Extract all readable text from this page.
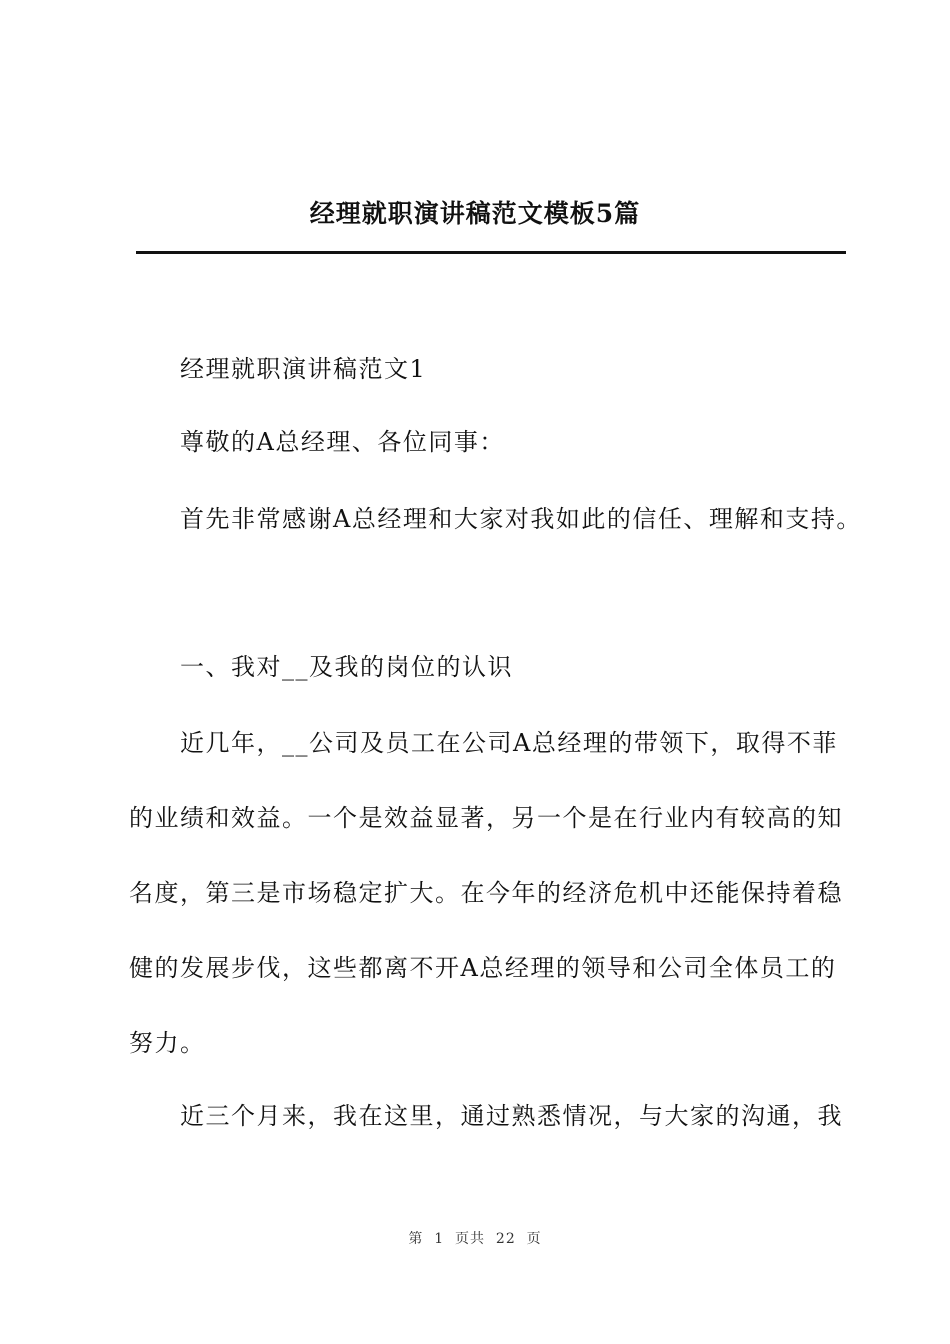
经理就职演讲稿范文模板5篇
经理就职演讲稿范文1
尊敬的A总经理、各位同事：
首先非常感谢A总经理和大家对我如此的信任、理解和支持。
一、我对__及我的岗位的认识
近几年，__公司及员工在公司A总经理的带领下，取得不菲
的业绩和效益。一个是效益显著，另一个是在行业内有较高的知
名度，第三是市场稳定扩大。在今年的经济危机中还能保持着稳
健的发展步伐，这些都离不开A总经理的领导和公司全体员工的
努力。
近三个月来，我在这里，通过熟悉情况，与大家的沟通，我
第  1  页共  22  页
